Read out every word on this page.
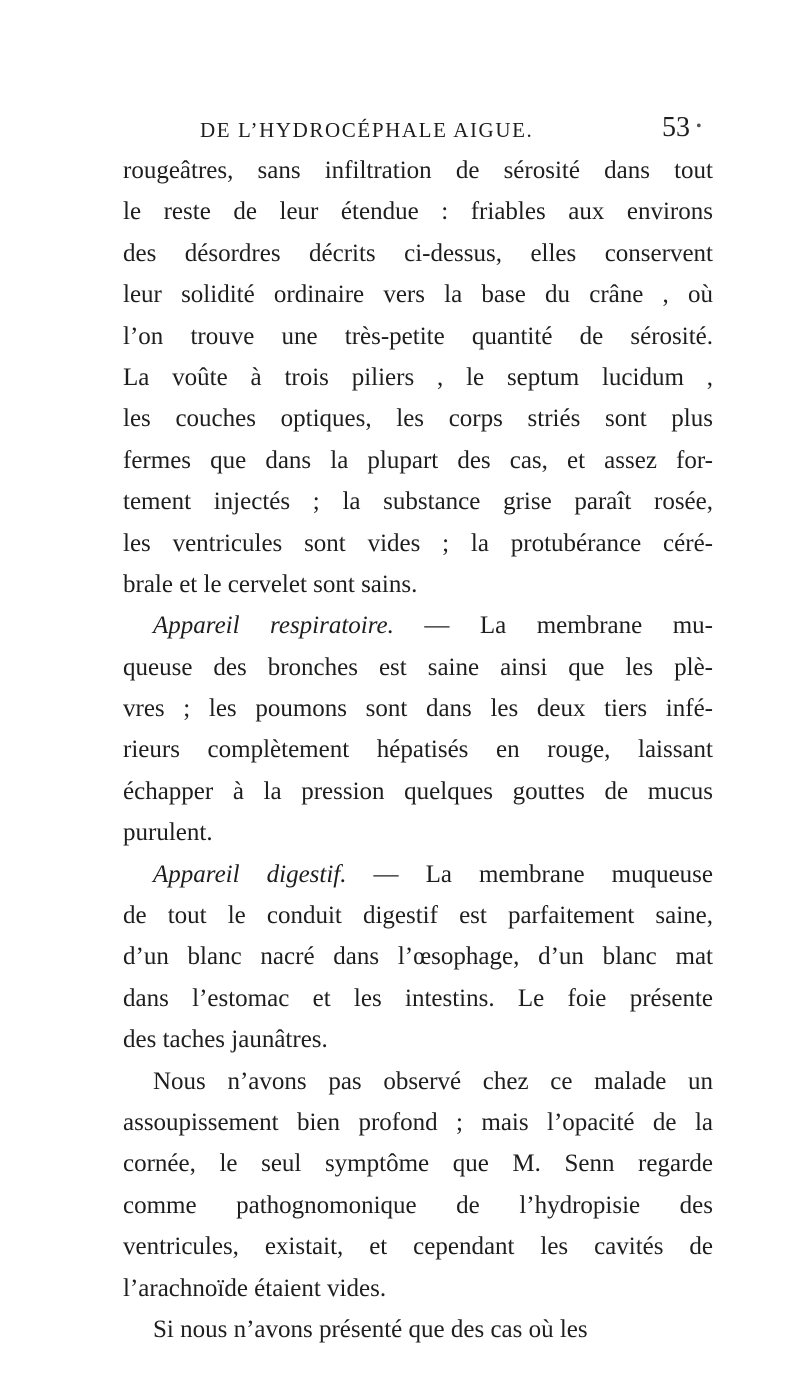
DE L’HYDROCÉPHALE AIGUE.	53 •
rougeâtres, sans infiltration de sérosité dans tout
le reste de leur étendue : friables aux environs
des désordres décrits ci-dessus, elles conservent
leur solidité ordinaire vers la base du crâne , où
l’on trouve une très-petite quantité de sérosité.
La voûte à trois piliers , le septum lucidum ,
les couches optiques, les corps striés sont plus
fermes que dans la plupart des cas, et assez for-
tement injectés ; la substance grise paraît rosée,
les ventricules sont vides ; la protubérance céré-
brale et le cervelet sont sains.
Appareil respiratoire. — La membrane mu-
queuse des bronches est saine ainsi que les plè-
vres ; les poumons sont dans les deux tiers infé-
rieurs complètement hépatisés en rouge, laissant
échapper à la pression quelques gouttes de mucus
purulent.
Appareil digestif. — La membrane muqueuse
de tout le conduit digestif est parfaitement saine,
d’un blanc nacré dans l’œsophage, d’un blanc mat
dans l’estomac et les intestins. Le foie présente
des taches jaunâtres.
Nous n’avons pas observé chez ce malade un
assoupissement bien profond ; mais l’opacité de la
cornée, le seul symptôme que M. Senn regarde
comme pathognomonique de l’hydropisie des
ventricules, existait, et cependant les cavités de
l’arachnoïde étaient vides.
Si nous n’avons présenté que des cas où les
